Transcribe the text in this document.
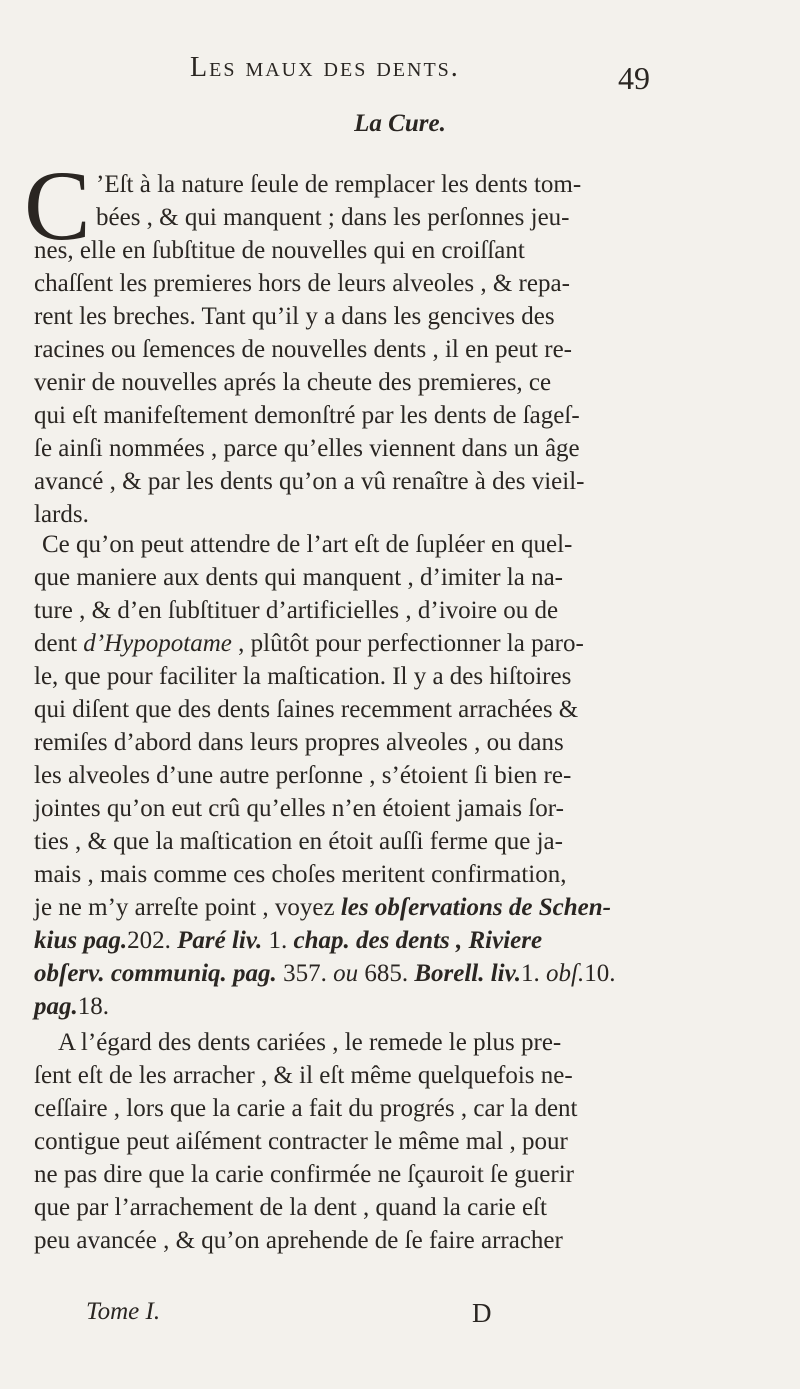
Les maux des dents.	49
La Cure.
C ’Eſt à la nature ſeule de remplacer les dents tom-
bées , & qui manquent ; dans les perſonnes jeu-
nes, elle en ſubſtitue de nouvelles qui en croiſſant
chaſſent les premieres hors de leurs alveoles , & repa-
rent les breches. Tant qu’il y a dans les gencives des
racines ou ſemences de nouvelles dents , il en peut re-
venir de nouvelles aprés la cheute des premieres, ce
qui eſt manifeſtement demonſtré par les dents de ſageſ-
ſe ainſi nommées , parce qu’elles viennent dans un âge
avancé , & par les dents qu’on a vû renaître à des vieil-
lards.
Ce qu’on peut attendre de l’art eſt de ſupléer en quel-
que maniere aux dents qui manquent , d’imiter la na-
ture , & d’en ſubſtituer d’artificielles , d’ivoire ou de
dent d’Hypopotame , plûtôt pour perfectionner la paro-
le, que pour faciliter la maſtication. Il y a des hiſtoires
qui diſent que des dents ſaines recemment arrachées &
remiſes d’abord dans leurs propres alveoles , ou dans
les alveoles d’une autre perſonne , s’étoient ſi bien re-
jointes qu’on eut crû qu’elles n’en étoient jamais ſor-
ties , & que la maſtication en étoit auſſi ferme que ja-
mais , mais comme ces choſes meritent confirmation,
je ne m’y arreſte point , voyez les obſervations de Schen-
kius pag.202. Paré liv. 1. chap. des dents , Riviere
obſerv. communiq. pag. 357. ou 685. Borell. liv.1. obſ.10.
pag.18.
A l’égard des dents cariées , le remede le plus pre-
ſent eſt de les arracher , & il eſt même quelquefois ne-
ceſſaire , lors que la carie a fait du progrés , car la dent
contigue peut aiſément contracter le même mal , pour
ne pas dire que la carie confirmée ne ſçauroit ſe guerir
que par l’arrachement de la dent , quand la carie eſt
peu avancée , & qu’on aprehende de ſe faire arracher
Tome I.	D
